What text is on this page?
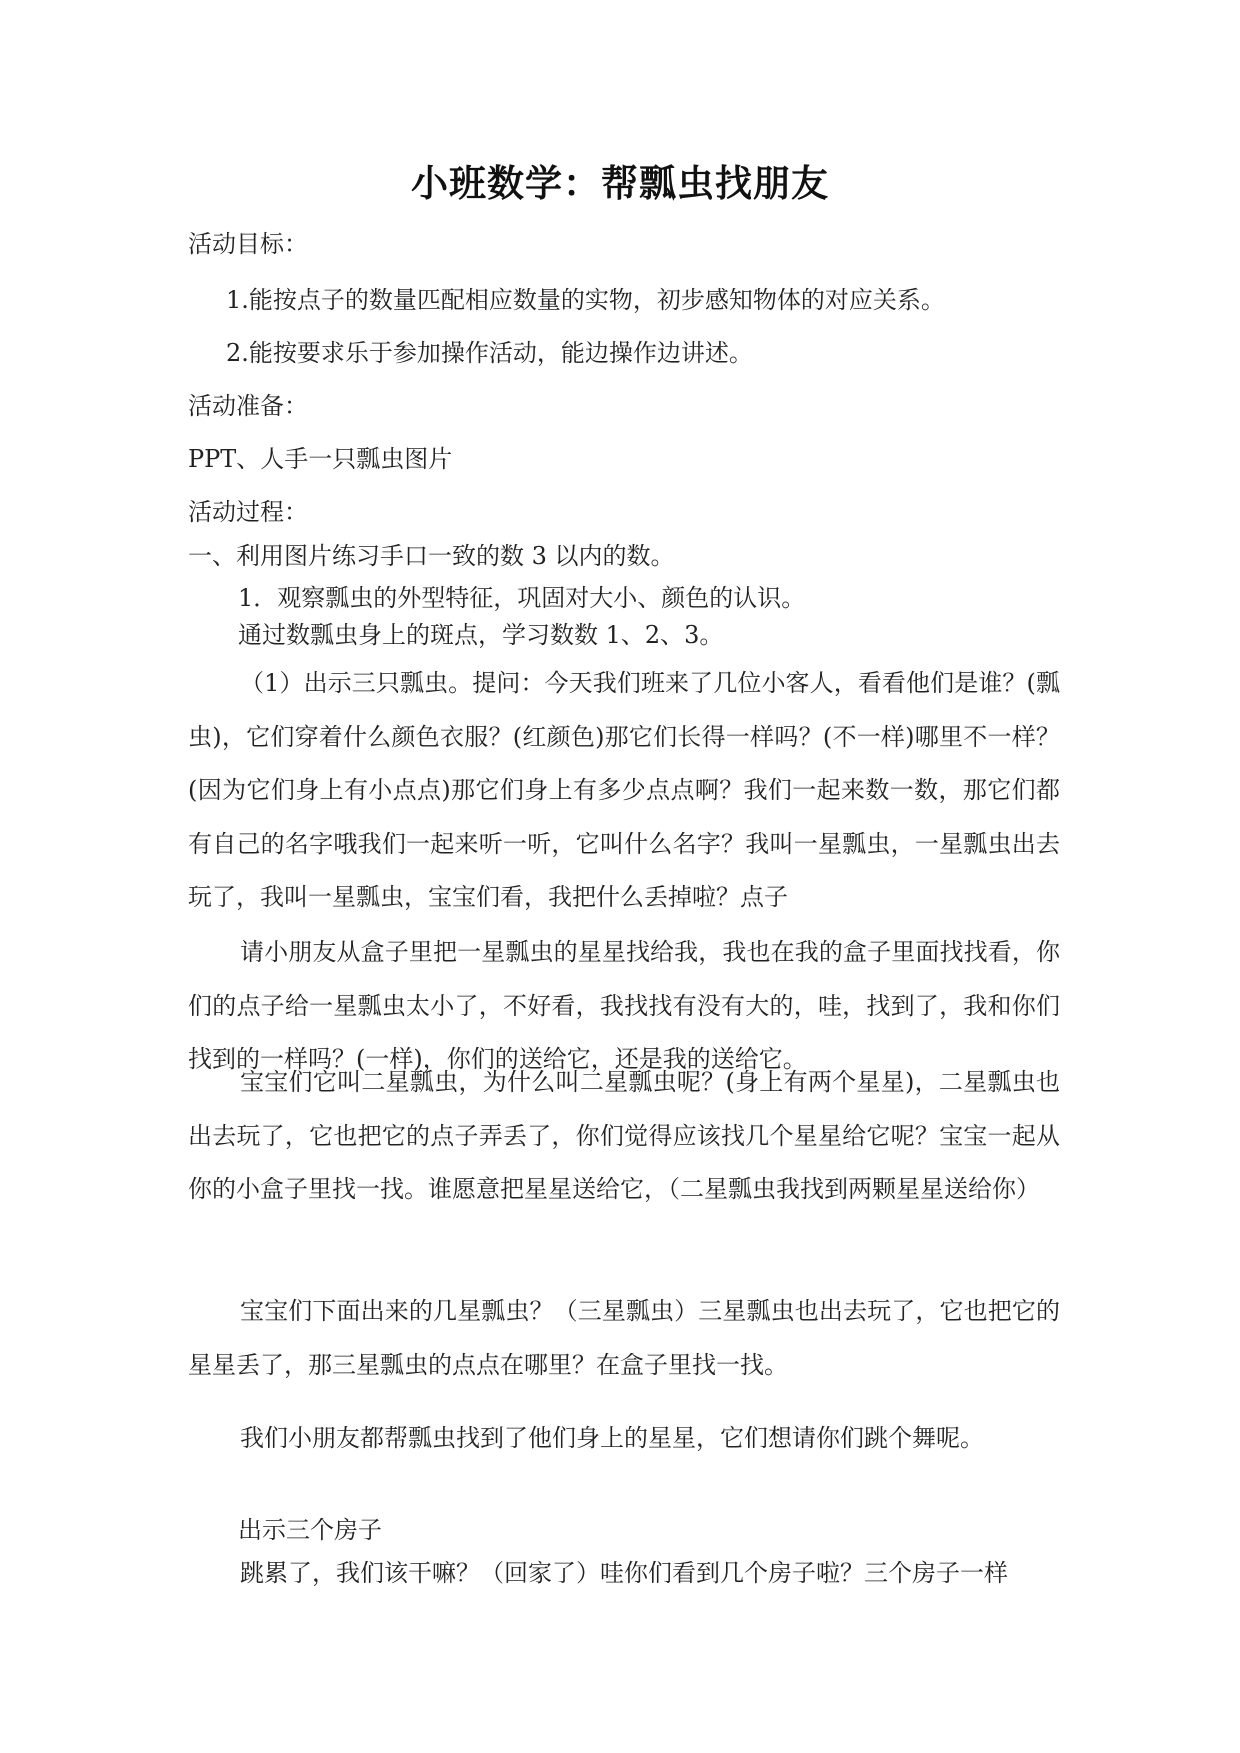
小班数学：帮瓢虫找朋友

活动目标：

1.能按点子的数量匹配相应数量的实物，初步感知物体的对应关系。

2.能按要求乐于参加操作活动，能边操作边讲述。

活动准备：

PPT、人手一只瓢虫图片

活动过程：

一、利用图片练习手口一致的数 3 以内的数。

1．观察瓢虫的外型特征，巩固对大小、颜色的认识。

通过数瓢虫身上的斑点，学习数数 1、2、3。

（1）出示三只瓢虫。提问：今天我们班来了几位小客人，看看他们是谁？(瓢虫)，它们穿着什么颜色衣服？(红颜色)那它们长得一样吗？(不一样)哪里不一样？(因为它们身上有小点点)那它们身上有多少点点啊？我们一起来数一数，那它们都有自己的名字哦我们一起来听一听，它叫什么名字？我叫一星瓢虫，一星瓢虫出去玩了，我叫一星瓢虫，宝宝们看，我把什么丢掉啦？点子

请小朋友从盒子里把一星瓢虫的星星找给我，我也在我的盒子里面找找看，你们的点子给一星瓢虫太小了，不好看，我找找有没有大的，哇，找到了，我和你们找到的一样吗？(一样)，你们的送给它，还是我的送给它。

宝宝们它叫二星瓢虫，为什么叫二星瓢虫呢？(身上有两个星星)，二星瓢虫也出去玩了，它也把它的点子弄丢了，你们觉得应该找几个星星给它呢？宝宝一起从你的小盒子里找一找。谁愿意把星星送给它，（二星瓢虫我找到两颗星星送给你）

宝宝们下面出来的几星瓢虫？（三星瓢虫）三星瓢虫也出去玩了，它也把它的星星丢了，那三星瓢虫的点点在哪里？在盒子里找一找。

我们小朋友都帮瓢虫找到了他们身上的星星，它们想请你们跳个舞呢。

出示三个房子

跳累了，我们该干嘛？（回家了）哇你们看到几个房子啦？三个房子一样
